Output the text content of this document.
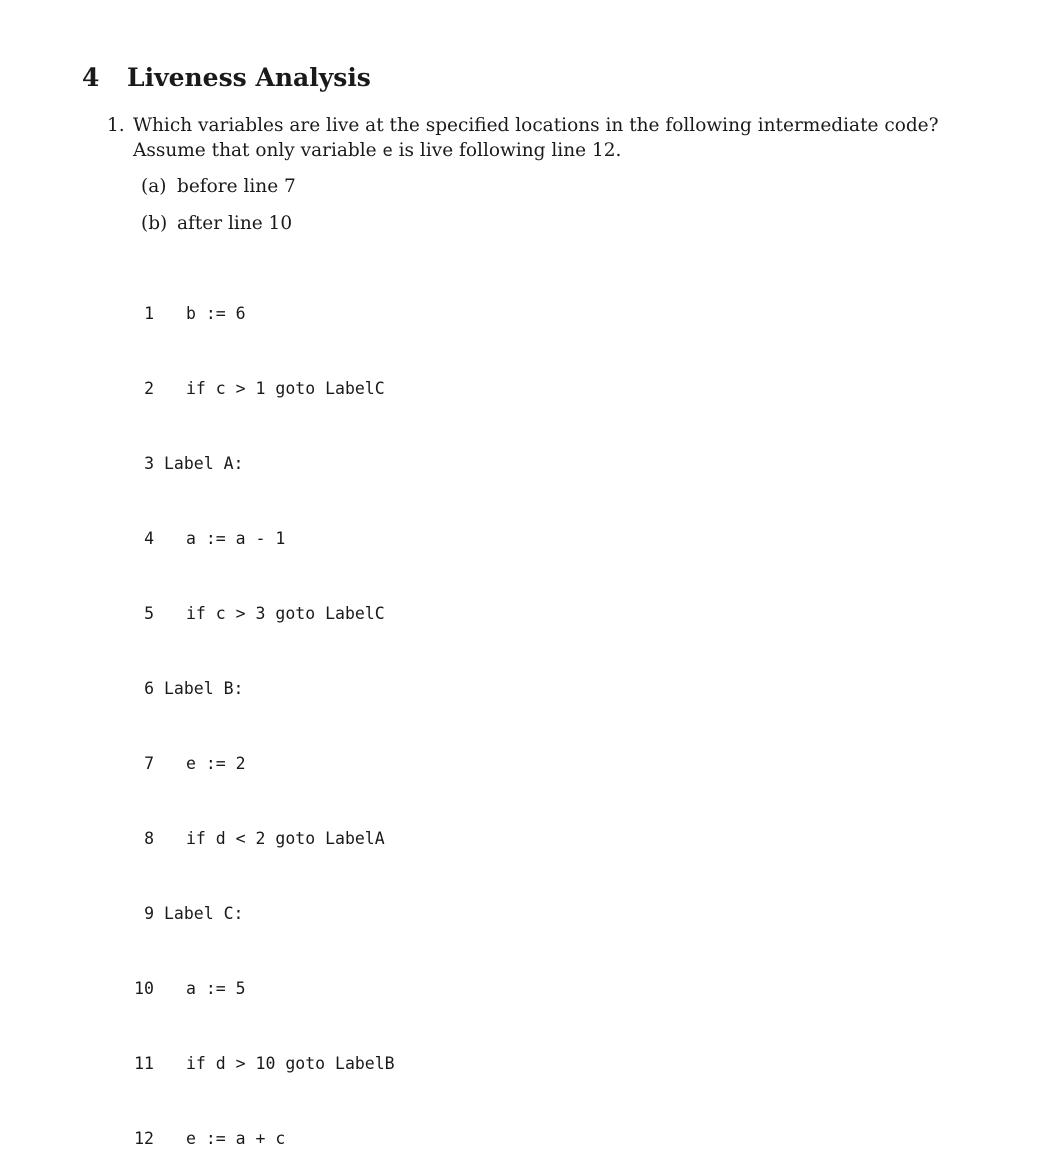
4 Liveness Analysis
1. Which variables are live at the specified locations in the following intermediate code? Assume that only variable e is live following line 12.
(a) before line 7
(b) after line 10

1	b := 6

2	if c > 1 goto LabelC

3 Label A:

4	a := a - 1

5	if c > 3 goto LabelC

6 Label B:

7	e := 2

8	if d < 2 goto LabelA

9 Label C:

10	a := 5

11	if d > 10 goto LabelB

12	e := a + c
